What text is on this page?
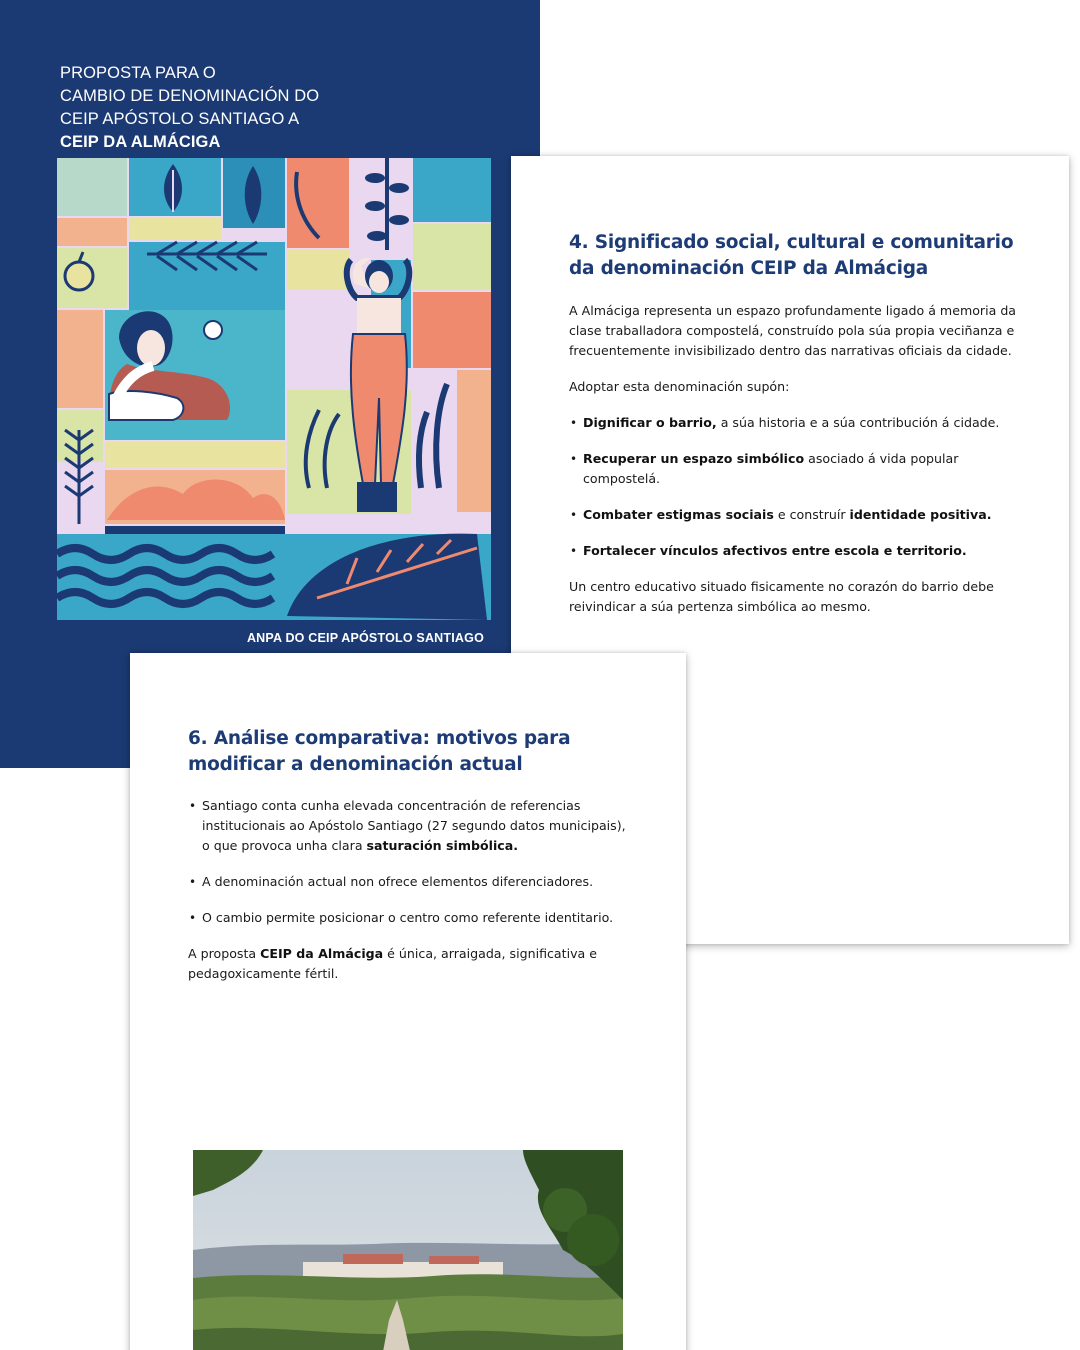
PROPOSTA PARA O
CAMBIO DE DENOMINACIÓN DO
CEIP APÓSTOLO SANTIAGO A
CEIP DA ALMÁCIGA
ANPA DO CEIP APÓSTOLO SANTIAGO
4. Significado social, cultural e comunitario da denominación CEIP da Almáciga

A Almáciga representa un espazo profundamente ligado á memoria da clase traballadora compostelá, construído pola súa propia veciñanza e frecuentemente invisibilizado dentro das narrativas oficiais da cidade.

Adoptar esta denominación supón:

• Dignificar o barrio, a súa historia e a súa contribución á cidade.
• Recuperar un espazo simbólico asociado á vida popular compostelá.
• Combater estigmas sociais e construír identidade positiva.
• Fortalecer vínculos afectivos entre escola e territorio.

Un centro educativo situado fisicamente no corazón do barrio debe reivindicar a súa pertenza simbólica ao mesmo.

6. Análise comparativa: motivos para modificar a denominación actual
• Santiago conta cunha elevada concentración de referencias institucionais ao Apóstolo Santiago (27 segundo datos municipais), o que provoca unha clara saturación simbólica.
• A denominación actual non ofrece elementos diferenciadores.
• O cambio permite posicionar o centro como referente identitario.

A proposta CEIP da Almáciga é única, arraigada, significativa e pedagoxicamente fértil.
